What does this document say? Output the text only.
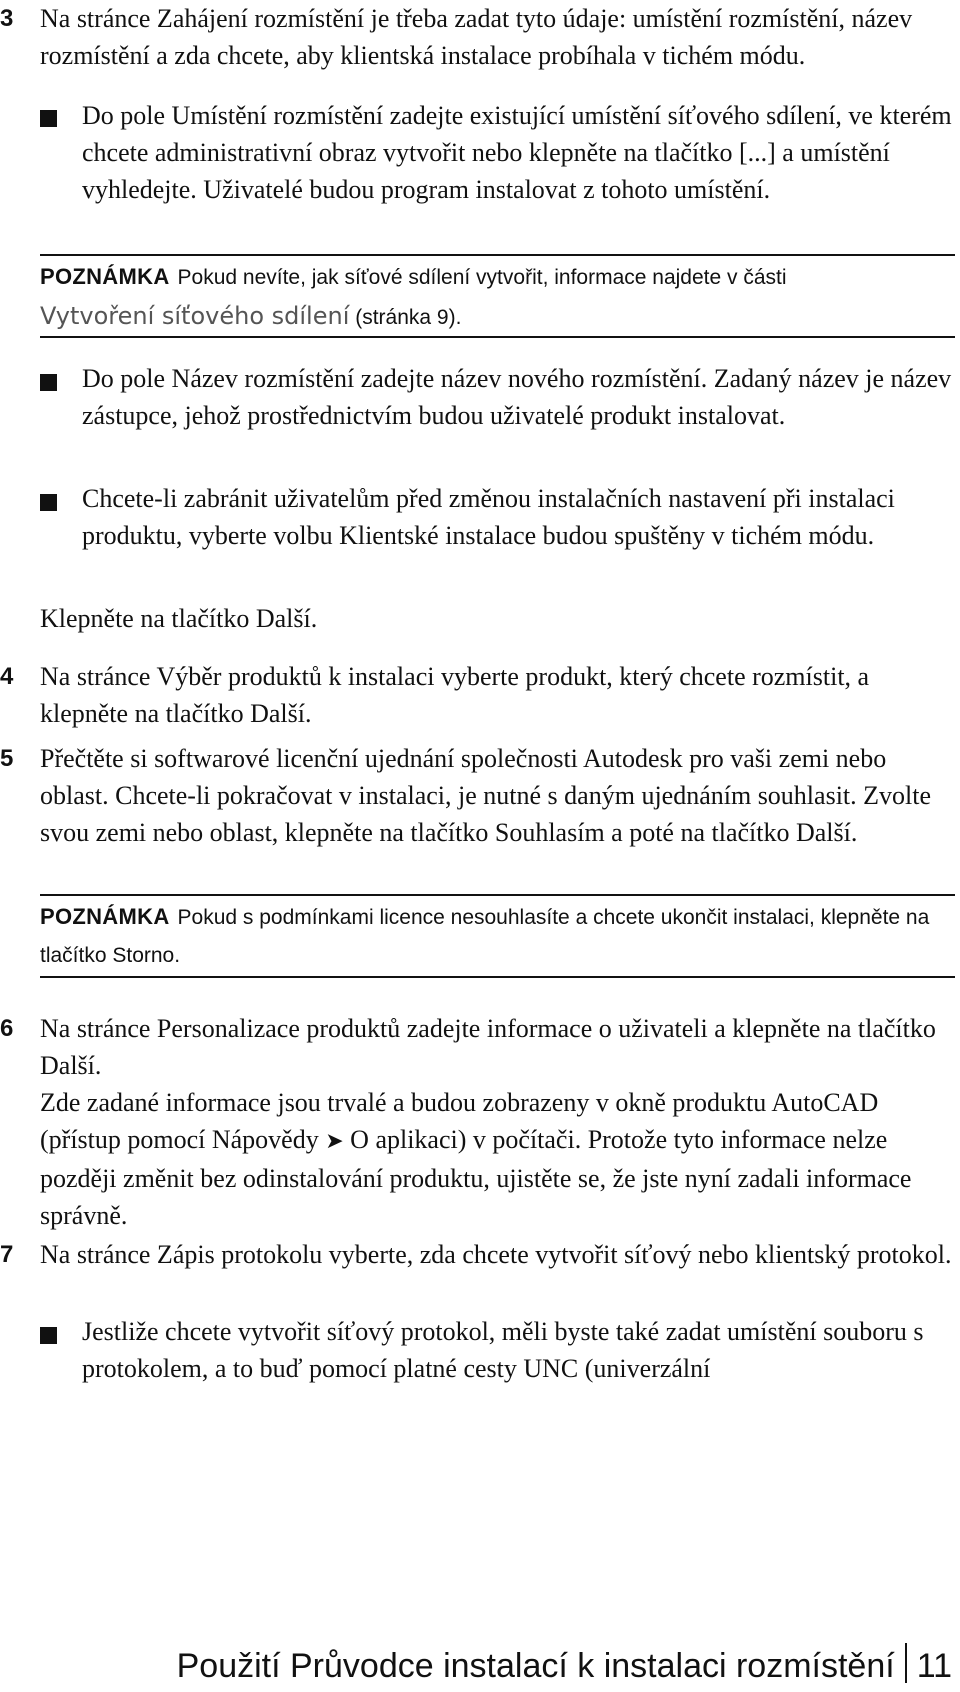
3	Na stránce Zahájení rozmístění je třeba zadat tyto údaje: umístění rozmístění, název rozmístění a zda chcete, aby klientská instalace probíhala v tichém módu.
Do pole Umístění rozmístění zadejte existující umístění síťového sdílení, ve kterém chcete administrativní obraz vytvořit nebo klepněte na tlačítko [...] a umístění vyhledejte. Uživatelé budou program instalovat z tohoto umístění.
POZNÁMKA Pokud nevíte, jak síťové sdílení vytvořit, informace najdete v části
Vytvoření síťového sdílení (stránka 9).
Do pole Název rozmístění zadejte název nového rozmístění. Zadaný název je název zástupce, jehož prostřednictvím budou uživatelé produkt instalovat.
Chcete-li zabránit uživatelům před změnou instalačních nastavení při instalaci produktu, vyberte volbu Klientské instalace budou spuštěny v tichém módu.
Klepněte na tlačítko Další.
4	Na stránce Výběr produktů k instalaci vyberte produkt, který chcete rozmístit, a klepněte na tlačítko Další.
5	Přečtěte si softwarové licenční ujednání společnosti Autodesk pro vaši zemi nebo oblast. Chcete-li pokračovat v instalaci, je nutné s daným ujednáním souhlasit. Zvolte svou zemi nebo oblast, klepněte na tlačítko Souhlasím a poté na tlačítko Další.
POZNÁMKA Pokud s podmínkami licence nesouhlasíte a chcete ukončit instalaci, klepněte na tlačítko Storno.
6	Na stránce Personalizace produktů zadejte informace o uživateli a klepněte na tlačítko Další.
Zde zadané informace jsou trvalé a budou zobrazeny v okně produktu AutoCAD (přístup pomocí Nápovědy ➤ O aplikaci) v počítači. Protože tyto informace nelze později změnit bez odinstalování produktu, ujistěte se, že jste nyní zadali informace správně.
7	Na stránce Zápis protokolu vyberte, zda chcete vytvořit síťový nebo klientský protokol.
Jestliže chcete vytvořit síťový protokol, měli byste také zadat umístění souboru s protokolem, a to buď pomocí platné cesty UNC (univerzální
Použití Průvodce instalací k instalaci rozmístění 11
